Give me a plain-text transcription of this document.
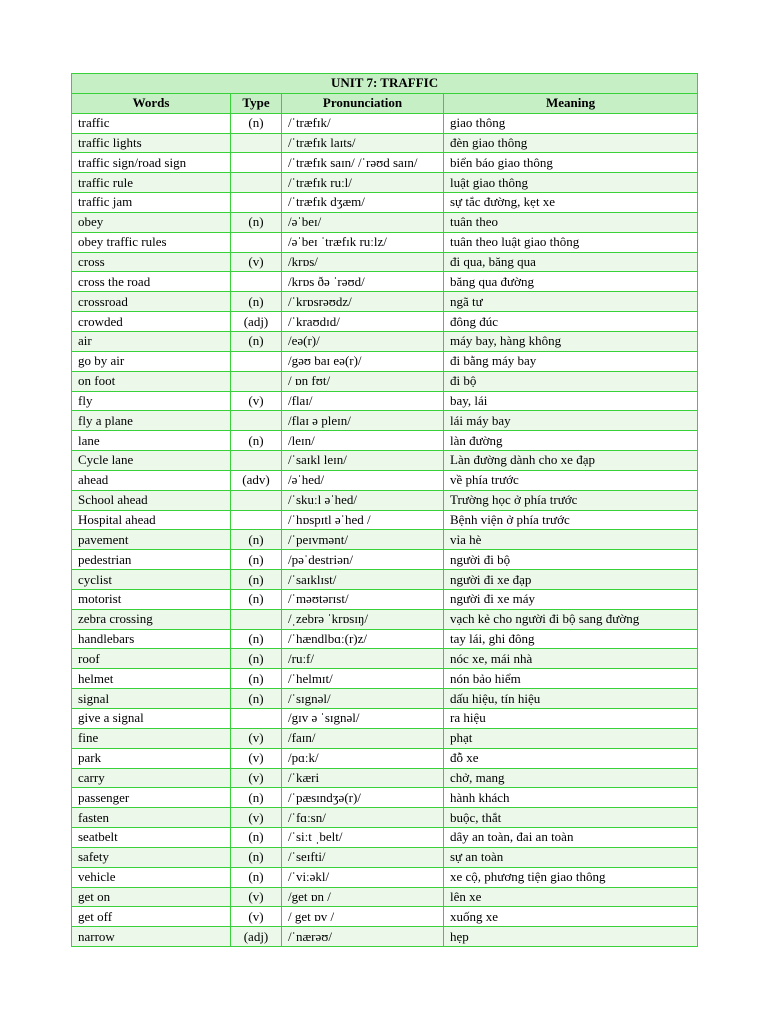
UNIT 7: TRAFFIC			
Words	Type	Pronunciation	Meaning
traffic	(n)	/ˈtræfɪk/	giao thông
traffic lights		/ˈtræfɪk laɪts/	đèn giao thông
traffic sign/road sign		/ˈtræfɪk saɪn/ /ˈrəʊd saɪn/	biển báo giao thông
traffic rule		/ˈtræfɪk ruːl/	luật giao thông
traffic jam		/ˈtræfɪk dʒæm/	sự tắc đường, kẹt xe
obey	(n)	/əˈbeɪ/	tuân theo
obey traffic rules		/əˈbeɪ ˈtræfɪk ruːlz/	tuân theo luật giao thông
cross	(v)	/krɒs/	đi qua, băng qua
cross the road		/krɒs ðə ˈrəʊd/	băng qua đường
crossroad	(n)	/ˈkrɒsrəʊdz/	ngã tư
crowded	(adj)	/ˈkraʊdɪd/	đông đúc
air	(n)	/eə(r)/	máy bay, hàng không
go by air		/gəʊ baɪ eə(r)/	đi bằng máy bay
on foot		/ ɒn fʊt/	đi bộ
fly	(v)	/flaɪ/	bay, lái
fly a plane		/flaɪ ə pleɪn/	lái máy bay
lane	(n)	/leɪn/	làn đường
Cycle lane		/ˈsaɪkl leɪn/	Làn đường dành cho xe đạp
ahead	(adv)	/əˈhed/	về phía trước
School ahead		/ˈskuːl əˈhed/	Trường học ở phía trước
Hospital ahead		/ˈhɒspɪtl əˈhed /	Bệnh viện ở phía trước
pavement	(n)	/ˈpeɪvmənt/	vỉa hè
pedestrian	(n)	/pəˈdestriən/	người đi bộ
cyclist	(n)	/ˈsaɪklɪst/	người đi xe đạp
motorist	(n)	/ˈməʊtərɪst/	người đi xe máy
zebra crossing		/ˌzebrə ˈkrɒsɪŋ/	vạch kẻ cho người đi bộ sang đường
handlebars	(n)	/ˈhændlbɑː(r)z/	tay lái, ghi đông
roof	(n)	/ruːf/	nóc xe, mái nhà
helmet	(n)	/ˈhelmɪt/	nón bảo hiểm
signal	(n)	/ˈsɪgnəl/	dấu hiệu, tín hiệu
give a signal		/gɪv ə ˈsɪgnəl/	ra hiệu
fine	(v)	/faɪn/	phạt
park	(v)	/pɑːk/	đỗ xe
carry	(v)	/ˈkæri	chở, mang
passenger	(n)	/ˈpæsɪndʒə(r)/	hành khách
fasten	(v)	/ˈfɑːsn/	buộc, thắt
seatbelt	(n)	/ˈsiːt ˌbelt/	dây an toàn, đai an toàn
safety	(n)	/ˈseɪfti/	sự an toàn
vehicle	(n)	/ˈviːəkl/	xe cộ, phương tiện giao thông
get on	(v)	/get ɒn /	lên xe
get off	(v)	/ get ɒv /	xuống xe
narrow	(adj)	/ˈnærəʊ/	hẹp
